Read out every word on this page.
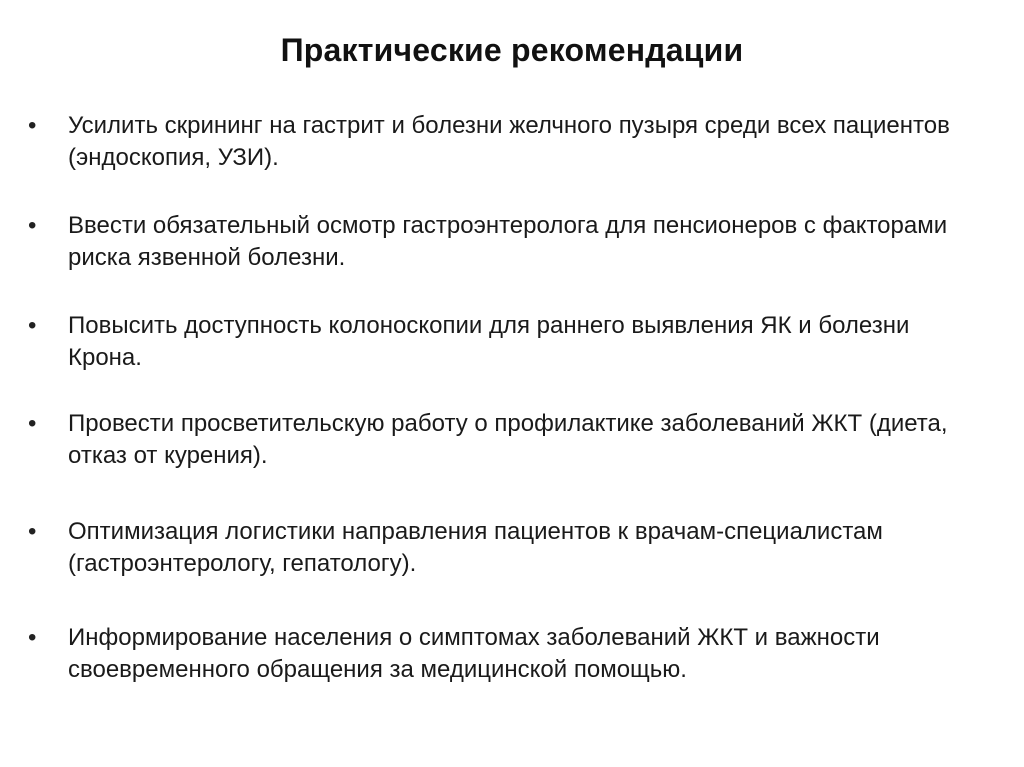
Практические рекомендации
•	Усилить скрининг на гастрит и болезни желчного пузыря среди всех пациентов (эндоскопия, УЗИ).
•	Ввести обязательный осмотр гастроэнтеролога для пенсионеров с факторами риска язвенной болезни.
•	Повысить доступность колоноскопии для раннего выявления ЯК и болезни Крона.
•	Провести просветительскую работу о профилактике заболеваний ЖКТ (диета, отказ от курения).
•	Оптимизация логистики направления пациентов к врачам-специалистам (гастроэнтерологу, гепатологу).
•	Информирование населения о симптомах заболеваний ЖКТ и важности своевременного обращения за медицинской помощью.
